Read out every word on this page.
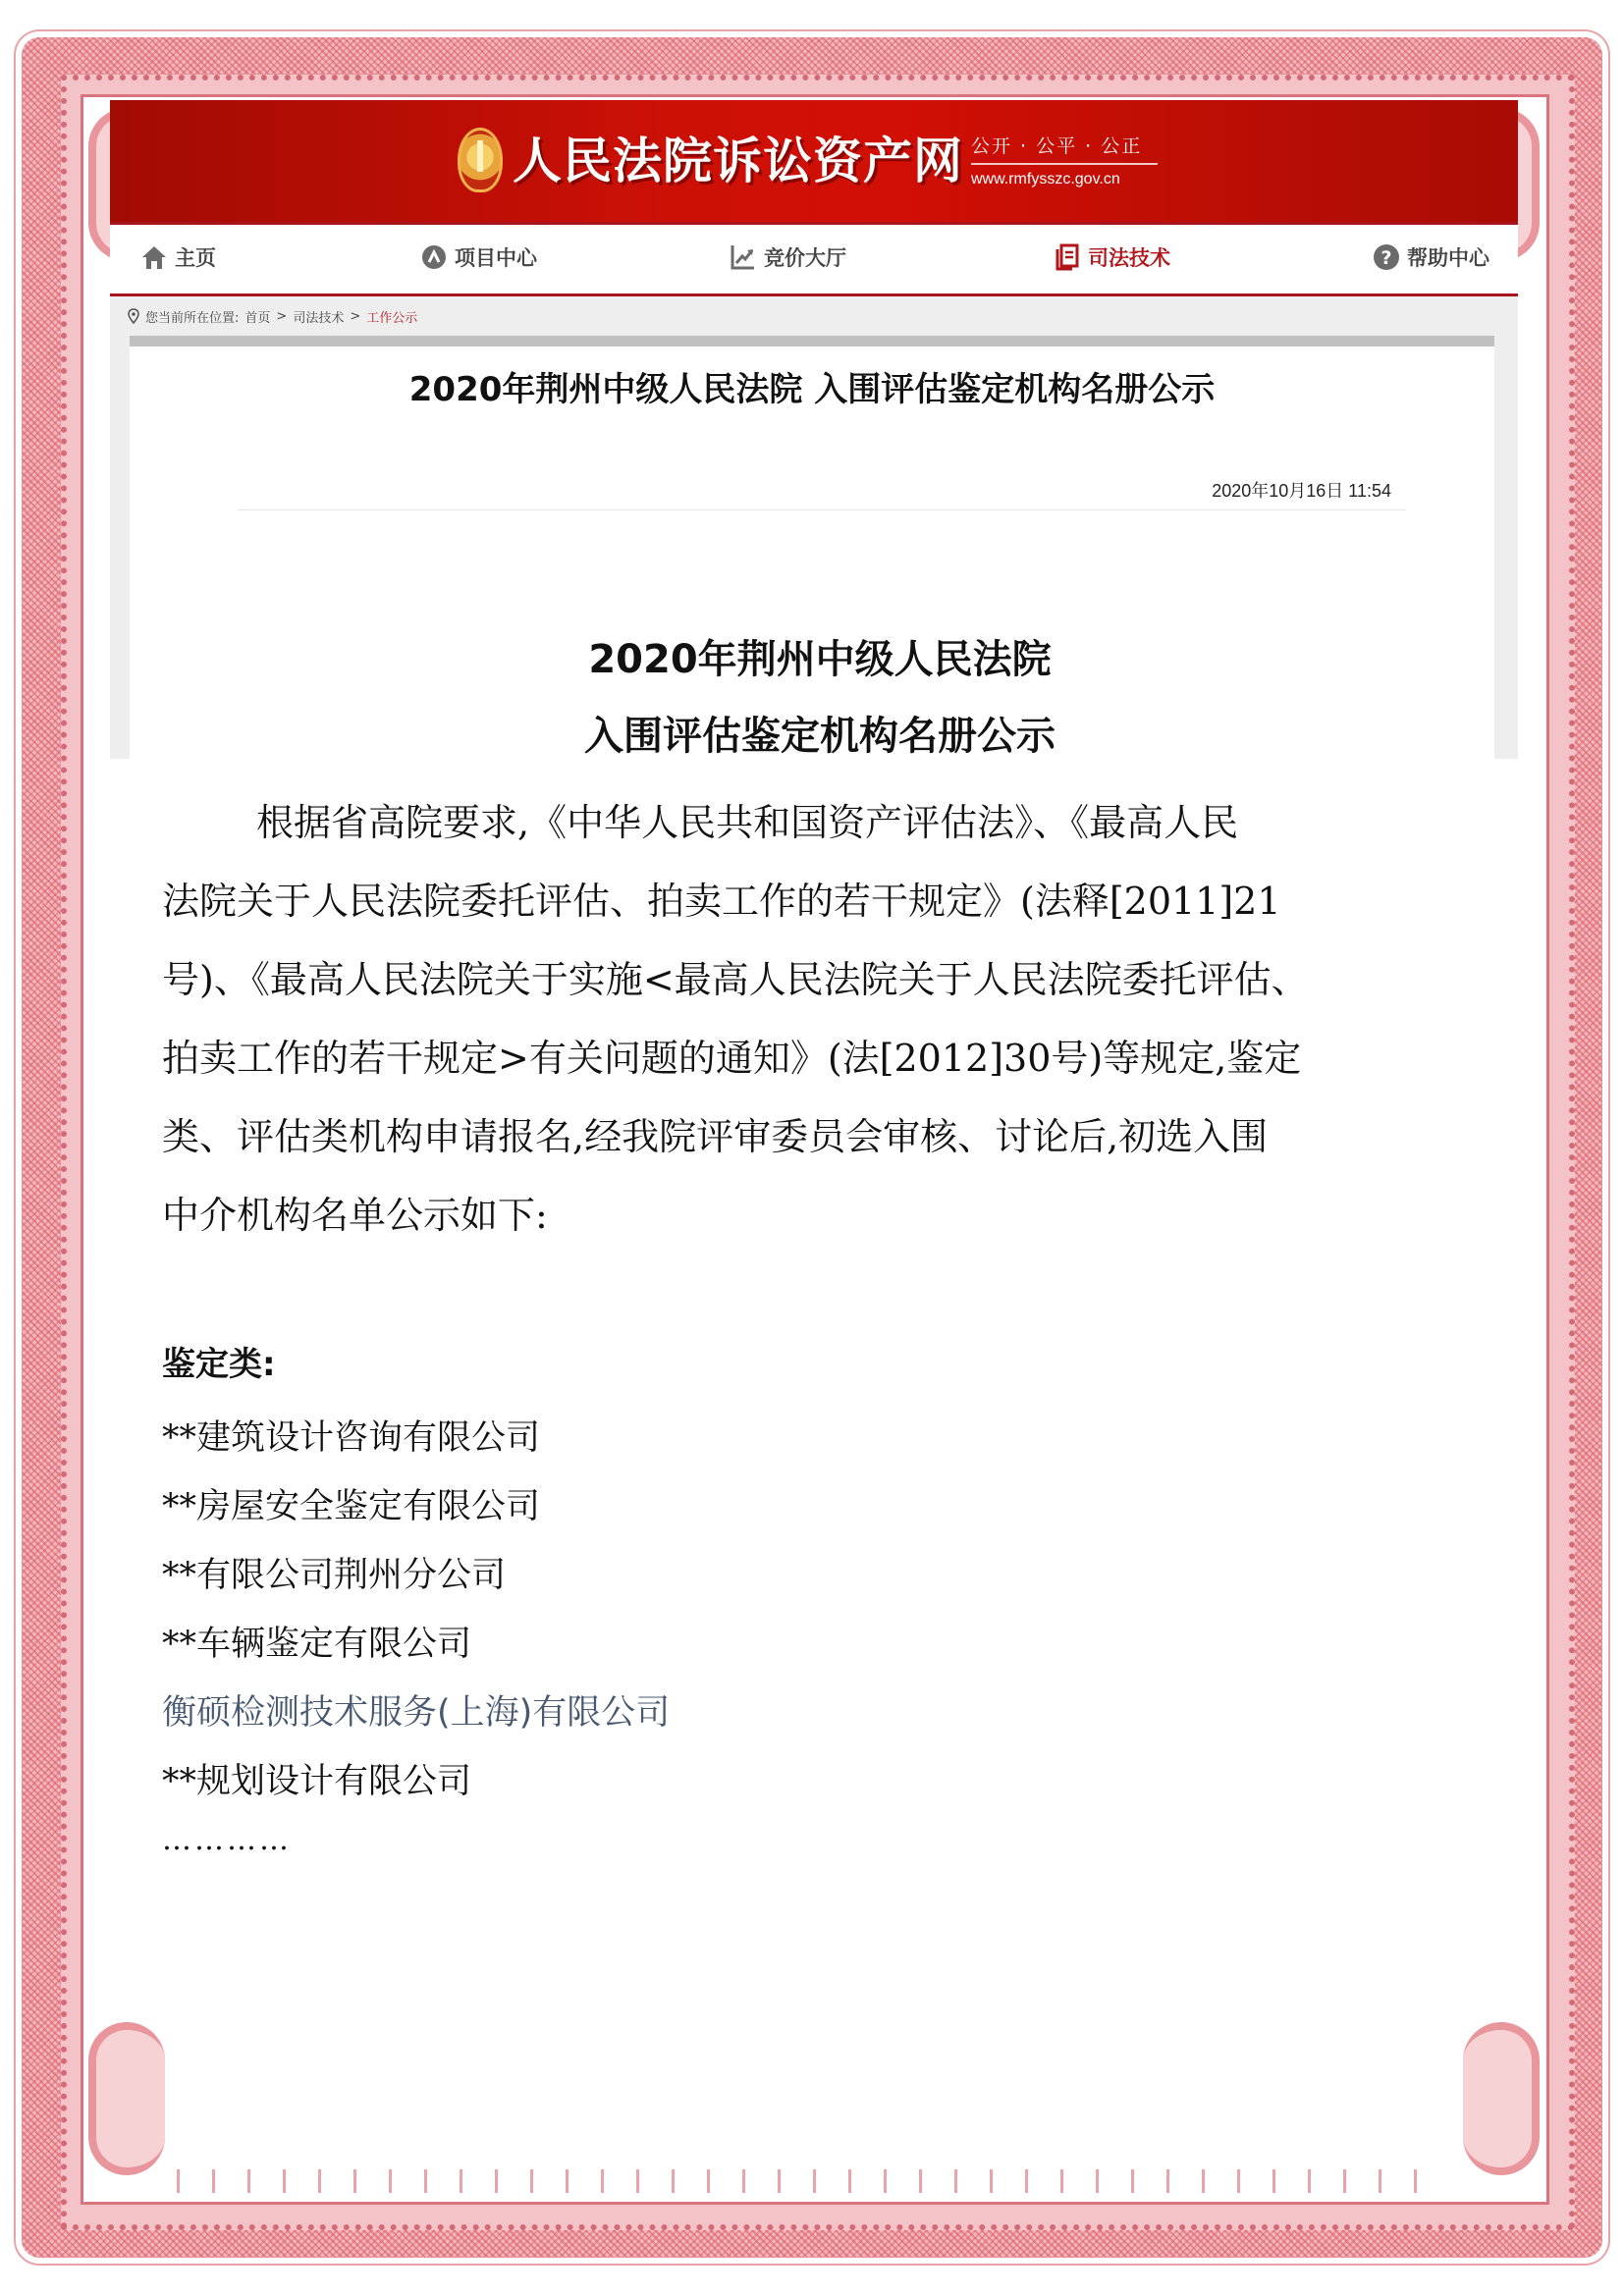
人民法院诉讼资产网 公开 · 公平 · 公正
www.rmfysszc.gov.cn
主页	项目中心	竞价大厅	司法技术	? 帮助中心
您当前所在位置: 首页 > 司法技术 > 工作公示
2020年荆州中级人民法院 入围评估鉴定机构名册公示
2020年10月16日 11:54
2020年荆州中级人民法院
入围评估鉴定机构名册公示
根据省高院要求,《中华人民共和国资产评估法》、《最高人民
法院关于人民法院委托评估、拍卖工作的若干规定》(法释[2011]21
号)、《最高人民法院关于实施<最高人民法院关于人民法院委托评估、
拍卖工作的若干规定>有关问题的通知》(法[2012]30号)等规定,鉴定
类、评估类机构申请报名,经我院评审委员会审核、讨论后,初选入围
中介机构名单公示如下:
鉴定类:
**建筑设计咨询有限公司
**房屋安全鉴定有限公司
**有限公司荆州分公司
**车辆鉴定有限公司
衡硕检测技术服务(上海)有限公司
**规划设计有限公司
…………
